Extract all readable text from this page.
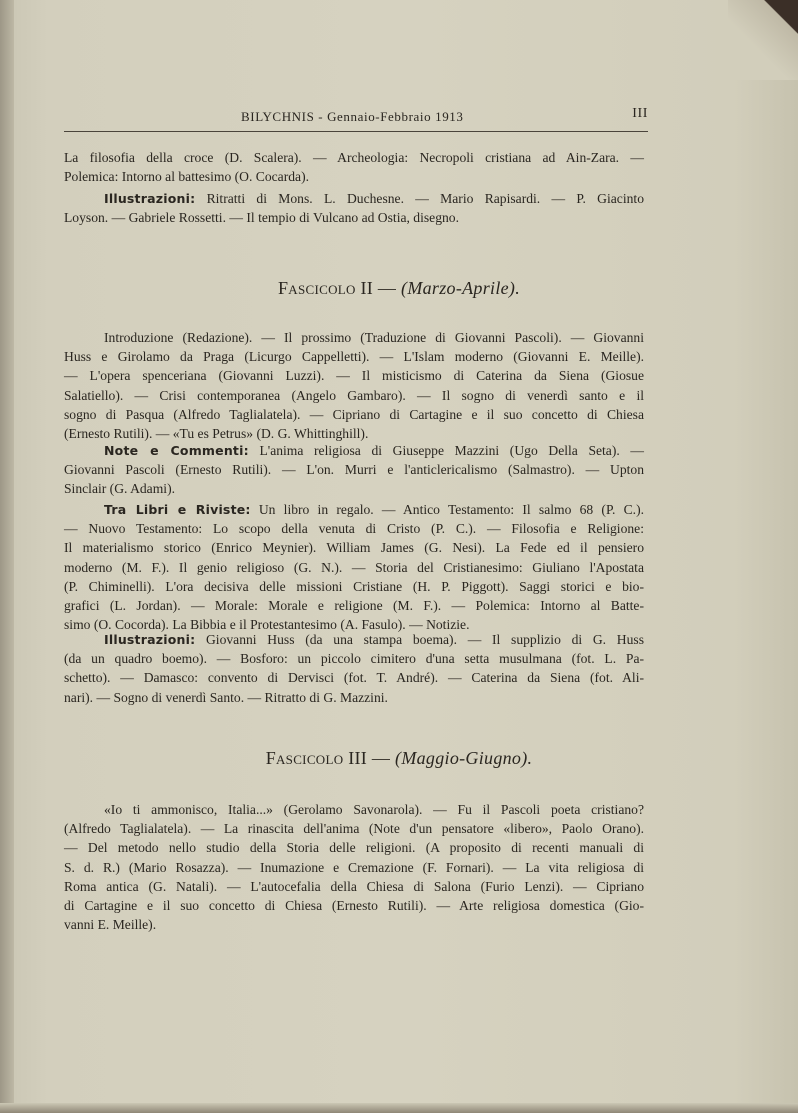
BILYCHNIS - Gennaio-Febbraio 1913	III
La filosofia della croce (D. Scalera). — Archeologia: Necropoli cristiana ad Ain-Zara. —
Polemica: Intorno al battesimo (O. Cocarda).
Illustrazioni: Ritratti di Mons. L. Duchesne. — Mario Rapisardi. — P. Giacinto
Loyson. — Gabriele Rossetti. — Il tempio di Vulcano ad Ostia, disegno.
Fascicolo II — (Marzo-Aprile).
Introduzione (Redazione). — Il prossimo (Traduzione di Giovanni Pascoli). — Giovanni
Huss e Girolamo da Praga (Licurgo Cappelletti). — L'Islam moderno (Giovanni E. Meille).
— L'opera spenceriana (Giovanni Luzzi). — Il misticismo di Caterina da Siena (Giosue
Salatiello). — Crisi contemporanea (Angelo Gambaro). — Il sogno di venerdì santo e il
sogno di Pasqua (Alfredo Taglialatela). — Cipriano di Cartagine e il suo concetto di Chiesa
(Ernesto Rutili). — «Tu es Petrus» (D. G. Whittinghill).
Note e Commenti: L'anima religiosa di Giuseppe Mazzini (Ugo Della Seta). —
Giovanni Pascoli (Ernesto Rutili). — L'on. Murri e l'anticlericalismo (Salmastro). — Upton
Sinclair (G. Adami).
Tra Libri e Riviste: Un libro in regalo. — Antico Testamento: Il salmo 68 (P. C.).
— Nuovo Testamento: Lo scopo della venuta di Cristo (P. C.). — Filosofia e Religione:
Il materialismo storico (Enrico Meynier). William James (G. Nesi). La Fede ed il pensiero
moderno (M. F.). Il genio religioso (G. N.). — Storia del Cristianesimo: Giuliano l'Apostata
(P. Chiminelli). L'ora decisiva delle missioni Cristiane (H. P. Piggott). Saggi storici e bio-
grafici (L. Jordan). — Morale: Morale e religione (M. F.). — Polemica: Intorno al Batte-
simo (O. Cocorda). La Bibbia e il Protestantesimo (A. Fasulo). — Notizie.
Illustrazioni: Giovanni Huss (da una stampa boema). — Il supplizio di G. Huss
(da un quadro boemo). — Bosforo: un piccolo cimitero d'una setta musulmana (fot. L. Pa-
schetto). — Damasco: convento di Dervisci (fot. T. André). — Caterina da Siena (fot. Ali-
nari). — Sogno di venerdì Santo. — Ritratto di G. Mazzini.
Fascicolo III — (Maggio-Giugno).
«Io ti ammonisco, Italia...» (Gerolamo Savonarola). — Fu il Pascoli poeta cristiano?
(Alfredo Taglialatela). — La rinascita dell'anima (Note d'un pensatore «libero», Paolo Orano).
— Del metodo nello studio della Storia delle religioni. (A proposito di recenti manuali di
S. d. R.) (Mario Rosazza). — Inumazione e Cremazione (F. Fornari). — La vita religiosa di
Roma antica (G. Natali). — L'autocefalia della Chiesa di Salona (Furio Lenzi). — Cipriano
di Cartagine e il suo concetto di Chiesa (Ernesto Rutili). — Arte religiosa domestica (Gio-
vanni E. Meille).
